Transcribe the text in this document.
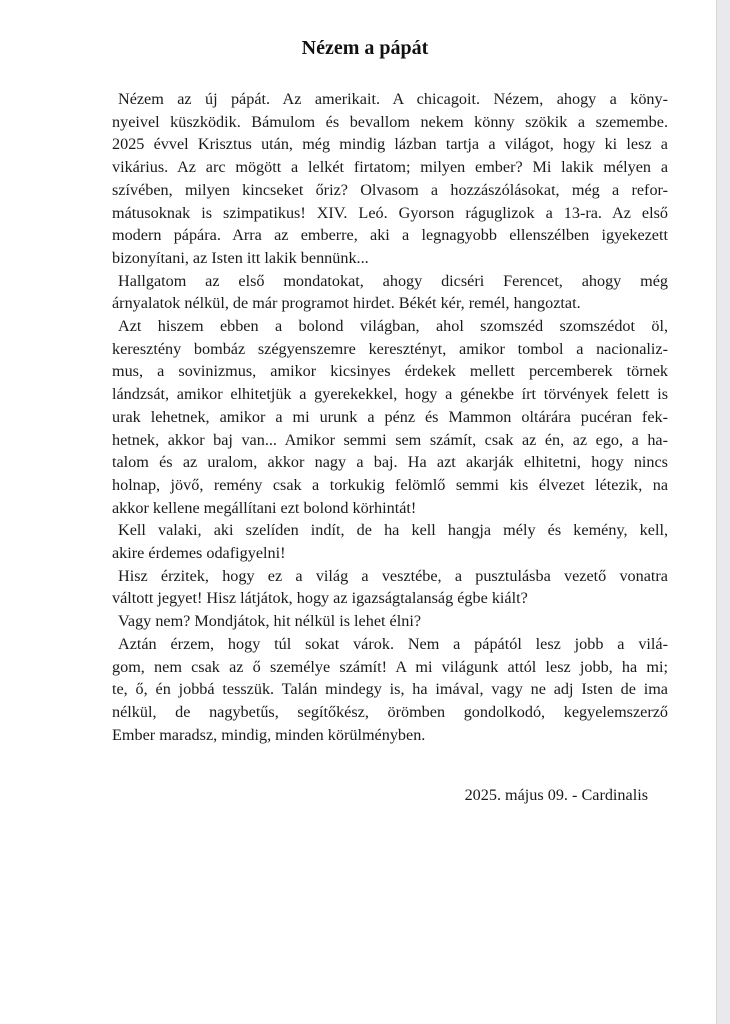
Nézem a pápát
Nézem az új pápát. Az amerikait. A chicagoit. Nézem, ahogy a köny-
nyeivel küszködik. Bámulom és bevallom nekem könny szökik a szemembe.
2025 évvel Krisztus után, még mindig lázban tartja a világot, hogy ki lesz a
vikárius. Az arc mögött a lelkét firtatom; milyen ember? Mi lakik mélyen a
szívében, milyen kincseket őriz? Olvasom a hozzászólásokat, még a refor-
mátusoknak is szimpatikus! XIV. Leó. Gyorson ráguglizok a 13-ra. Az első
modern pápára. Arra az emberre, aki a legnagyobb ellenszélben igyekezett
bizonyítani, az Isten itt lakik bennünk...
Hallgatom az első mondatokat, ahogy dicséri Ferencet, ahogy még
árnyalatok nélkül, de már programot hirdet. Békét kér, remél, hangoztat.
Azt hiszem ebben a bolond világban, ahol szomszéd szomszédot öl,
keresztény bombáz szégyenszemre keresztényt, amikor tombol a nacionaliz-
mus, a sovinizmus, amikor kicsinyes érdekek mellett percemberek törnek
lándzsát, amikor elhitetjük a gyerekekkel, hogy a génekbe írt törvények felett is
urak lehetnek, amikor a mi urunk a pénz és Mammon oltárára pucéran fek-
hetnek, akkor baj van... Amikor semmi sem számít, csak az én, az ego, a ha-
talom és az uralom, akkor nagy a baj. Ha azt akarják elhitetni, hogy nincs
holnap, jövő, remény csak a torkukig felömlő semmi kis élvezet létezik, na
akkor kellene megállítani ezt bolond körhintát!
Kell valaki, aki szelíden indít, de ha kell hangja mély és kemény, kell,
akire érdemes odafigyelni!
Hisz érzitek, hogy ez a világ a vesztébe, a pusztulásba vezető vonatra
váltott jegyet! Hisz látjátok, hogy az igazságtalanság égbe kiált?
Vagy nem? Mondjátok, hit nélkül is lehet élni?
Aztán érzem, hogy túl sokat várok. Nem a pápától lesz jobb a vilá-
gom, nem csak az ő személye számít! A mi világunk attól lesz jobb, ha mi;
te, ő, én jobbá tesszük. Talán mindegy is, ha imával, vagy ne adj Isten de ima
nélkül, de nagybetűs, segítőkész, örömben gondolkodó, kegyelemszerző
Ember maradsz, mindig, minden körülményben.
2025. május 09. - Cardinalis
